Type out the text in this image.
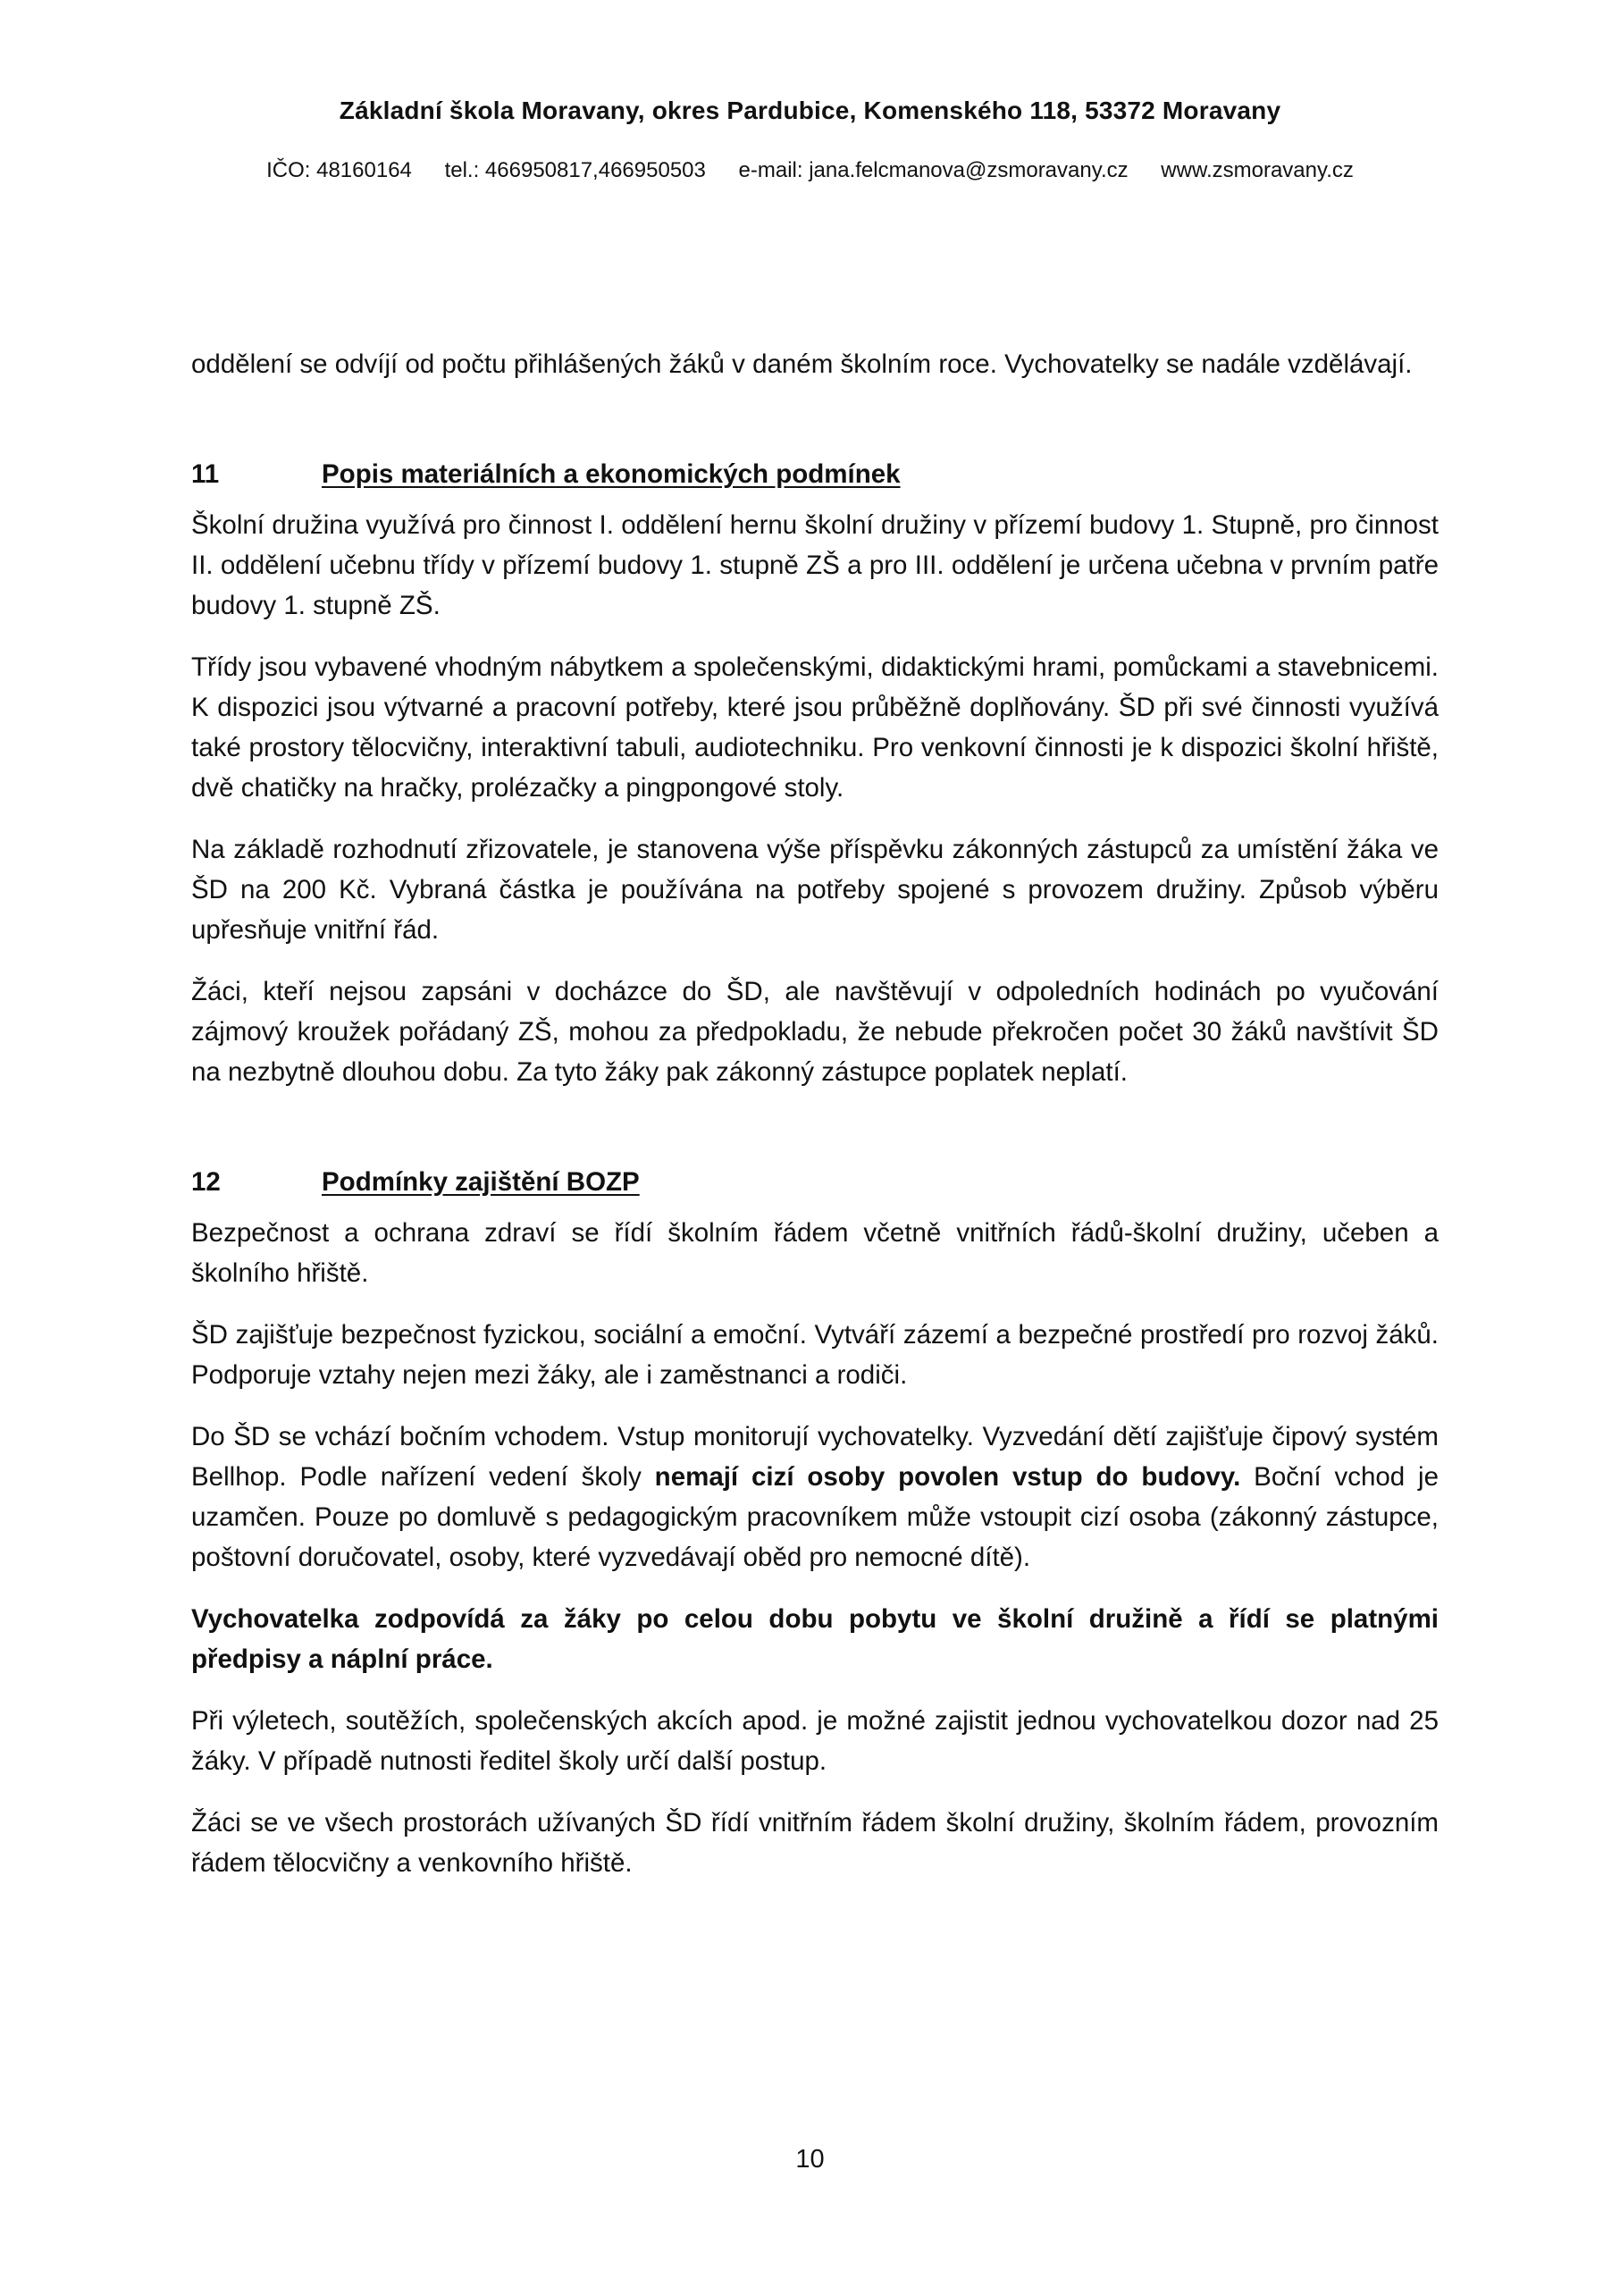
Základní škola Moravany, okres Pardubice, Komenského 118, 53372 Moravany
IČO: 48160164 tel.: 466950817,466950503 e-mail: jana.felcmanova@zsmoravany.cz www.zsmoravany.cz

oddělení se odvíjí od počtu přihlášených žáků v daném školním roce. Vychovatelky se nadále vzdělávají.

11	Popis materiálních a ekonomických podmínek

Školní družina využívá pro činnost I. oddělení hernu školní družiny v přízemí budovy 1. Stupně, pro činnost II. oddělení učebnu třídy v přízemí budovy 1. stupně ZŠ a pro III. oddělení je určena učebna v prvním patře budovy 1. stupně ZŠ.

Třídy jsou vybavené vhodným nábytkem a společenskými, didaktickými hrami, pomůckami a stavebnicemi. K dispozici jsou výtvarné a pracovní potřeby, které jsou průběžně doplňovány. ŠD při své činnosti využívá také prostory tělocvičny, interaktivní tabuli, audiotechniku. Pro venkovní činnosti je k dispozici školní hřiště, dvě chatičky na hračky, prolézačky a pingpongové stoly.

Na základě rozhodnutí zřizovatele, je stanovena výše příspěvku zákonných zástupců za umístění žáka ve ŠD na 200 Kč. Vybraná částka je používána na potřeby spojené s provozem družiny. Způsob výběru upřesňuje vnitřní řád.

Žáci, kteří nejsou zapsáni v docházce do ŠD, ale navštěvují v odpoledních hodinách po vyučování zájmový kroužek pořádaný ZŠ, mohou za předpokladu, že nebude překročen počet 30 žáků navštívit ŠD na nezbytně dlouhou dobu. Za tyto žáky pak zákonný zástupce poplatek neplatí.

12	Podmínky zajištění BOZP

Bezpečnost a ochrana zdraví se řídí školním řádem včetně vnitřních řádů-školní družiny, učeben a školního hřiště.

ŠD zajišťuje bezpečnost fyzickou, sociální a emoční. Vytváří zázemí a bezpečné prostředí pro rozvoj žáků. Podporuje vztahy nejen mezi žáky, ale i zaměstnanci a rodiči.

Do ŠD se vchází bočním vchodem. Vstup monitorují vychovatelky. Vyzvedání dětí zajišťuje čipový systém Bellhop. Podle nařízení vedení školy nemají cizí osoby povolen vstup do budovy. Boční vchod je uzamčen. Pouze po domluvě s pedagogickým pracovníkem může vstoupit cizí osoba (zákonný zástupce, poštovní doručovatel, osoby, které vyzvedávají oběd pro nemocné dítě).

Vychovatelka zodpovídá za žáky po celou dobu pobytu ve školní družině a řídí se platnými předpisy a náplní práce.

Při výletech, soutěžích, společenských akcích apod. je možné zajistit jednou vychovatelkou dozor nad 25 žáky. V případě nutnosti ředitel školy určí další postup.

Žáci se ve všech prostorách užívaných ŠD řídí vnitřním řádem školní družiny, školním řádem, provozním řádem tělocvičny a venkovního hřiště.

10
